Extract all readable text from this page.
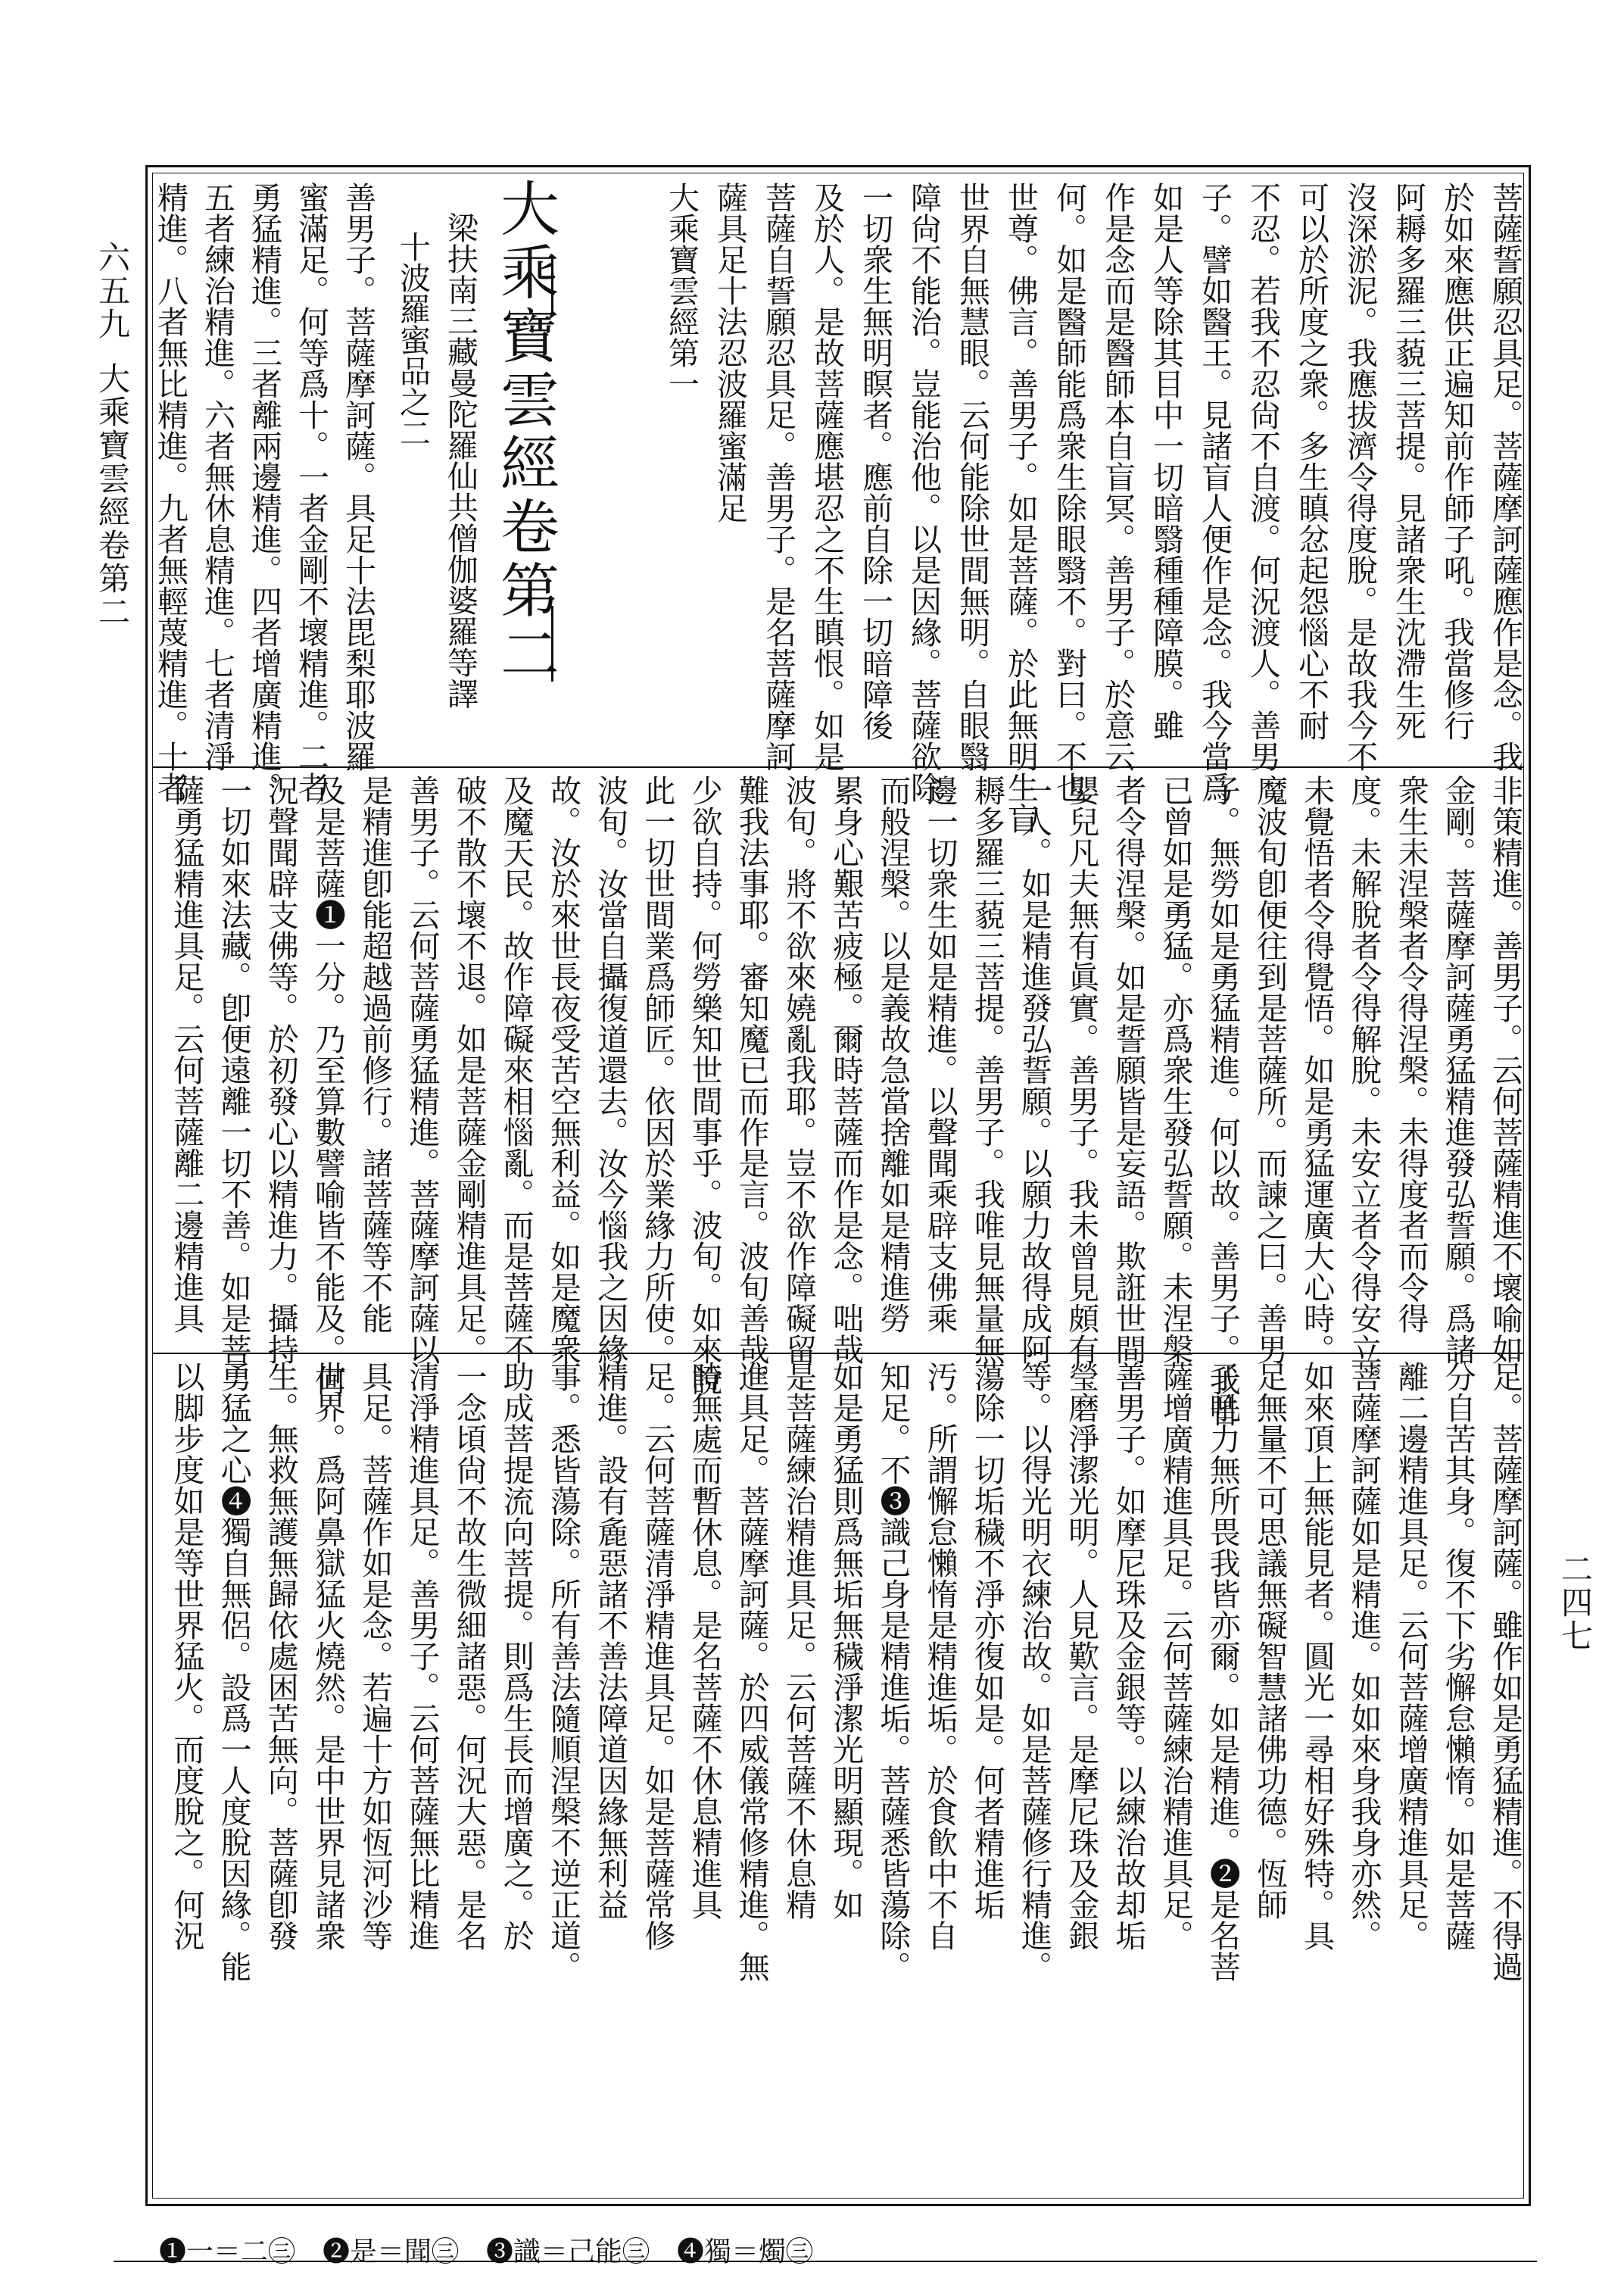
六五九
大乘寶雲經卷第二
二四七
菩薩誓願忍具足。菩薩摩訶薩應作是念。我
於如來應供正遍知前作師子吼。我當修行
阿耨多羅三藐三菩提。見諸衆生沈滯生死
沒深淤泥。我應拔濟令得度脫。是故我今不
可以於所度之衆。多生瞋忿起怨惱心不耐
不忍。若我不忍尙不自渡。何況渡人。善男
子。譬如醫王。見諸盲人便作是念。我今當爲
如是人等除其目中一切暗翳種種障膜。雖
作是念而是醫師本自盲冥。善男子。於意云
何。如是醫師能爲衆生除眼翳不。對曰。不也
世尊。佛言。善男子。如是菩薩。於此無明生盲
世界自無慧眼。云何能除世間無明。自眼翳
障尙不能治。豈能治他。以是因緣。菩薩欲除
一切衆生無明瞑者。應前自除一切暗障後
及於人。是故菩薩應堪忍之不生瞋恨。如是
菩薩自誓願忍具足。善男子。是名菩薩摩訶
薩具足十法忍波羅蜜滿足
大乘寶雲經第一
大乘寶雲經卷第二
梁扶南三藏曼陀羅仙共僧伽婆羅等譯
十波羅蜜品之二
善男子。菩薩摩訶薩。具足十法毘梨耶波羅
蜜滿足。何等爲十。一者金剛不壞精進。二者
勇猛精進。三者離兩邊精進。四者增廣精進。
五者練治精進。六者無休息精進。七者清淨
精進。八者無比精進。九者無輕蔑精進。十者
非策精進。善男子。云何菩薩精進不壞喻如
金剛。菩薩摩訶薩勇猛精進發弘誓願。爲諸
衆生未涅槃者令得涅槃。未得度者而令得
度。未解脫者令得解脫。未安立者令得安立。
未覺悟者令得覺悟。如是勇猛運廣大心時。
魔波旬卽便往到是菩薩所。而諫之曰。善男
子。無勞如是勇猛精進。何以故。善男子。我昔
已曾如是勇猛。亦爲衆生發弘誓願。未涅槃
者令得涅槃。如是誓願皆是妄語。欺誑世間
嬰兒凡夫無有眞實。善男子。我未曾見頗有
一人。如是精進發弘誓願。以願力故得成阿
耨多羅三藐三菩提。善男子。我唯見無量無
邊一切衆生如是精進。以聲聞乘辟支佛乘
而般涅槃。以是義故急當捨離如是精進勞
累身心艱苦疲極。爾時菩薩而作是念。咄哉
波旬。將不欲來嬈亂我耶。豈不欲作障礙留
難我法事耶。審知魔已而作是言。波旬善哉。
少欲自持。何勞樂知世間事乎。波旬。如來說
此一切世間業爲師匠。依因於業緣力所使。
波旬。汝當自攝復道還去。汝今惱我之因緣
故。汝於來世長夜受苦空無利益。如是魔衆
及魔天民。故作障礙來相惱亂。而是菩薩不
破不散不壞不退。如是菩薩金剛精進具足。
善男子。云何菩薩勇猛精進。菩薩摩訶薩以
是精進卽能超越過前修行。諸菩薩等不能
及是菩薩❶一分。乃至算數譬喻皆不能及。何
況聲聞辟支佛等。於初發心以精進力。攝持
一切如來法藏。卽便遠離一切不善。如是菩
薩勇猛精進具足。云何菩薩離二邊精進具
足。菩薩摩訶薩。雖作如是勇猛精進。不得過
分自苦其身。復不下劣懈怠懶惰。如是菩薩
離二邊精進具足。云何菩薩增廣精進具足。
菩薩摩訶薩如是精進。如如來身我身亦然。
如來頂上無能見者。圓光一尋相好殊特。具
足無量不可思議無礙智慧諸佛功德。恆師
子吼力無所畏我皆亦爾。如是精進。❷是名菩
薩增廣精進具足。云何菩薩練治精進具足。
善男子。如摩尼珠及金銀等。以練治故却垢
瑩磨淨潔光明。人見歎言。是摩尼珠及金銀
等。以得光明衣練治故。如是菩薩修行精進。
蕩除一切垢穢不淨亦復如是。何者精進垢
汚。所謂懈怠懶惰是精進垢。於食飮中不自
知足。不❸識己身是精進垢。菩薩悉皆蕩除。
如是勇猛則爲無垢無穢淨潔光明顯現。如
是菩薩練治精進具足。云何菩薩不休息精
進具足。菩薩摩訶薩。於四威儀常修精進。無
時無處而暫休息。是名菩薩不休息精進具
足。云何菩薩清淨精進具足。如是菩薩常修
精進。設有麁惡諸不善法障道因緣無利益
事。悉皆蕩除。所有善法隨順涅槃不逆正道。
助成菩提流向菩提。則爲生長而增廣之。於
一念頃尙不故生微細諸惡。何況大惡。是名
清淨精進具足。善男子。云何菩薩無比精進
具足。菩薩作如是念。若遍十方如恆河沙等
世界。爲阿鼻獄猛火燒然。是中世界見諸衆
生。無救無護無歸依處困苦無向。菩薩卽發
勇猛之心❹獨自無侶。設爲一人度脫因緣。能
以脚步度如是等世界猛火。而度脫之。何況
❶一＝二㊂　❷是＝聞㊂　❸識＝己能㊂　❹獨＝燭㊂
